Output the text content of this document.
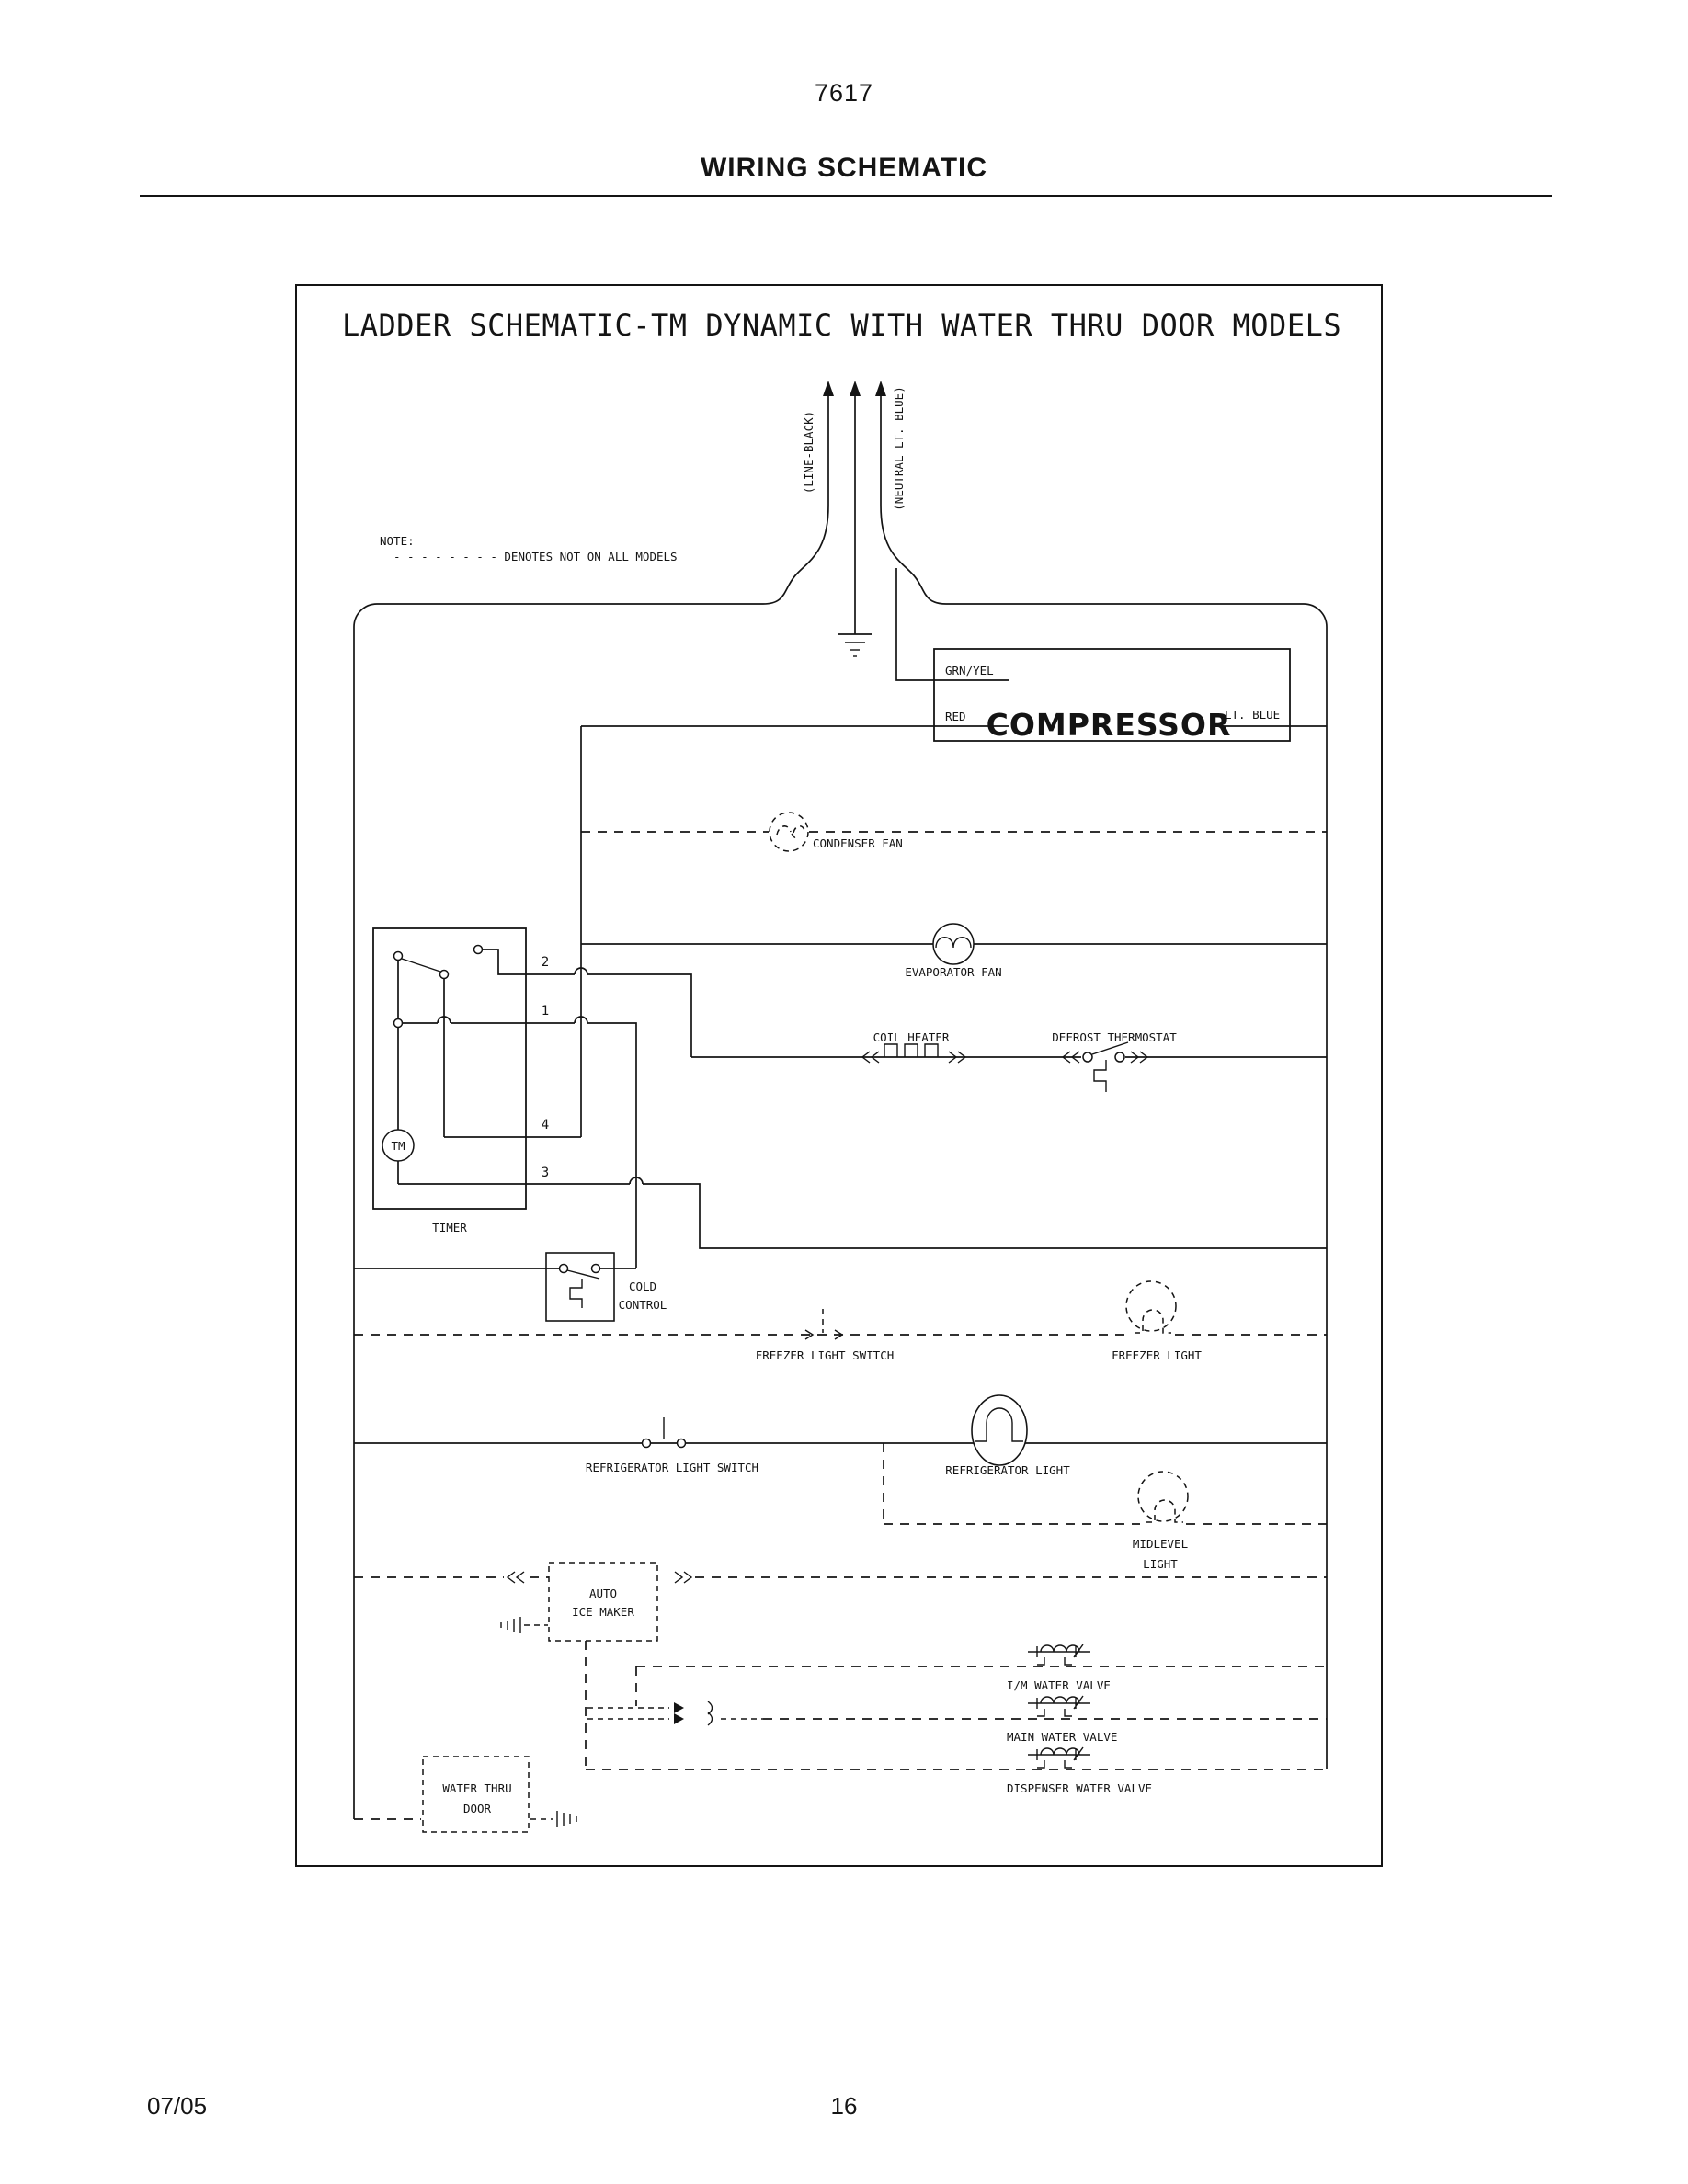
7617
WIRING SCHEMATIC
LADDER SCHEMATIC-TM DYNAMIC WITH WATER THRU DOOR MODELS
NOTE:
- - - - - - - - DENOTES NOT ON ALL MODELS
(LINE-BLACK)	(NEUTRAL LT. BLUE)
GRN/YEL
RED COMPRESSOR
LT. BLUE
CONDENSER FAN
EVAPORATOR FAN
COIL HEATER	DEFROST THERMOSTAT
TIMER
TM
2
1
4
3
COLD
CONTROL
FREEZER LIGHT SWITCH	FREEZER LIGHT
REFRIGERATOR LIGHT SWITCH	REFRIGERATOR LIGHT
MIDLEVEL
LIGHT
AUTO
ICE MAKER
I/M WATER VALVE
MAIN WATER VALVE
DISPENSER WATER VALVE
WATER THRU
DOOR
07/05	16
